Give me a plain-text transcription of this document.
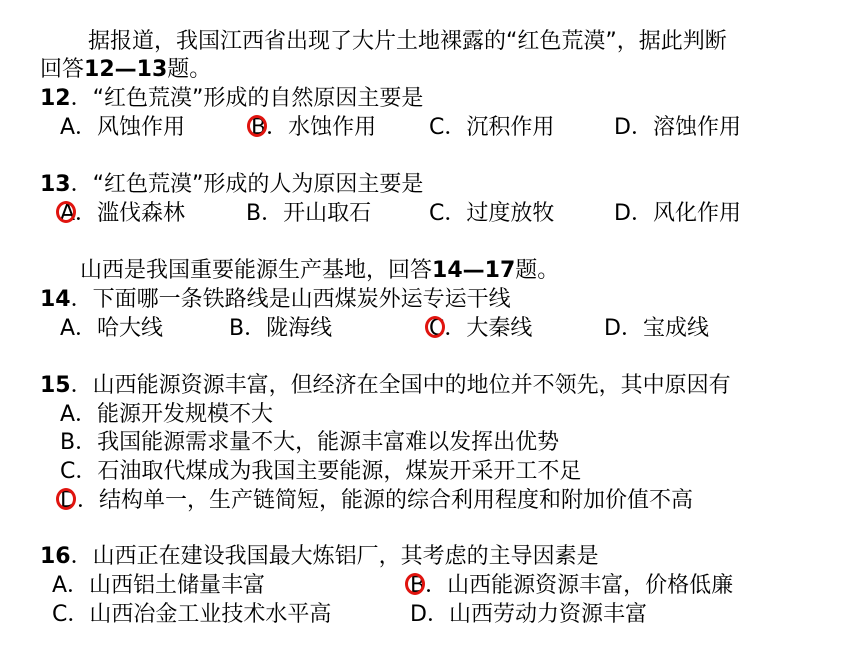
据报道，我国江西省出现了大片土地裸露的“红色荒漠”，据此判断
回答12—13题。
12．“红色荒漠”形成的自然原因主要是
A．风蚀作用	B．水蚀作用 C．沉积作用	D．溶蚀作用
13．“红色荒漠”形成的人为原因主要是
A．滥伐森林	B．开山取石	C．过度放牧	D．风化作用
山西是我国重要能源生产基地，回答14—17题。
14．下面哪一条铁路线是山西煤炭外运专运干线
A．哈大线	B．陇海线	C．大秦线	D．宝成线
15．山西能源资源丰富，但经济在全国中的地位并不领先，其中原因有
A．能源开发规模不大
B．我国能源需求量不大，能源丰富难以发挥出优势
C．石油取代煤成为我国主要能源，煤炭开采开工不足
D．结构单一，生产链简短，能源的综合利用程度和附加价值不高
16．山西正在建设我国最大炼铝厂，其考虑的主导因素是
A．山西铝土储量丰富	B．山西能源资源丰富，价格低廉
C．山西冶金工业技术水平高	D．山西劳动力资源丰富
